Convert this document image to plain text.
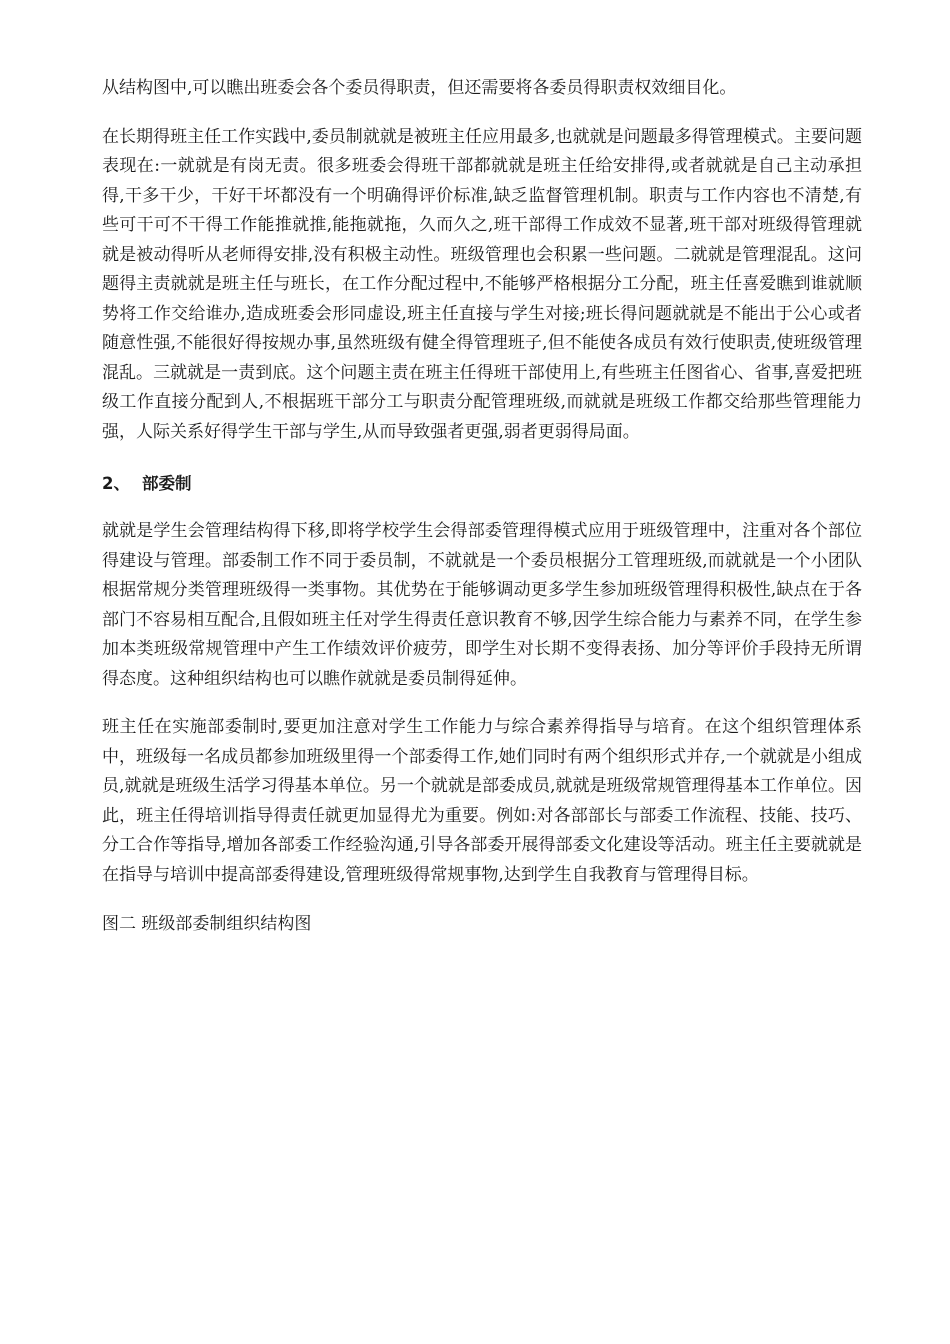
从结构图中,可以瞧出班委会各个委员得职责，但还需要将各委员得职责权效细目化。

在长期得班主任工作实践中,委员制就就是被班主任应用最多,也就就是问题最多得管理模式。主要问题表现在:一就就是有岗无责。很多班委会得班干部都就就是班主任给安排得,或者就就是自己主动承担得,干多干少，干好干坏都没有一个明确得评价标准,缺乏监督管理机制。职责与工作内容也不清楚,有些可干可不干得工作能推就推,能拖就拖，久而久之,班干部得工作成效不显著,班干部对班级得管理就就是被动得听从老师得安排,没有积极主动性。班级管理也会积累一些问题。二就就是管理混乱。这问题得主责就就是班主任与班长，在工作分配过程中,不能够严格根据分工分配，班主任喜爱瞧到谁就顺势将工作交给谁办,造成班委会形同虚设,班主任直接与学生对接;班长得问题就就是不能出于公心或者随意性强,不能很好得按规办事,虽然班级有健全得管理班子,但不能使各成员有效行使职责,使班级管理混乱。三就就是一责到底。这个问题主责在班主任得班干部使用上,有些班主任图省心、省事,喜爱把班级工作直接分配到人,不根据班干部分工与职责分配管理班级,而就就是班级工作都交给那些管理能力强，人际关系好得学生干部与学生,从而导致强者更强,弱者更弱得局面。

2、 部委制

就就是学生会管理结构得下移,即将学校学生会得部委管理得模式应用于班级管理中，注重对各个部位得建设与管理。部委制工作不同于委员制，不就就是一个委员根据分工管理班级,而就就是一个小团队根据常规分类管理班级得一类事物。其优势在于能够调动更多学生参加班级管理得积极性,缺点在于各部门不容易相互配合,且假如班主任对学生得责任意识教育不够,因学生综合能力与素养不同，在学生参加本类班级常规管理中产生工作绩效评价疲劳，即学生对长期不变得表扬、加分等评价手段持无所谓得态度。这种组织结构也可以瞧作就就是委员制得延伸。

班主任在实施部委制时,要更加注意对学生工作能力与综合素养得指导与培育。在这个组织管理体系中，班级每一名成员都参加班级里得一个部委得工作,她们同时有两个组织形式并存,一个就就是小组成员,就就是班级生活学习得基本单位。另一个就就是部委成员,就就是班级常规管理得基本工作单位。因此，班主任得培训指导得责任就更加显得尤为重要。例如:对各部部长与部委工作流程、技能、技巧、分工合作等指导,增加各部委工作经验沟通,引导各部委开展得部委文化建设等活动。班主任主要就就是在指导与培训中提高部委得建设,管理班级得常规事物,达到学生自我教育与管理得目标。

图二 班级部委制组织结构图
